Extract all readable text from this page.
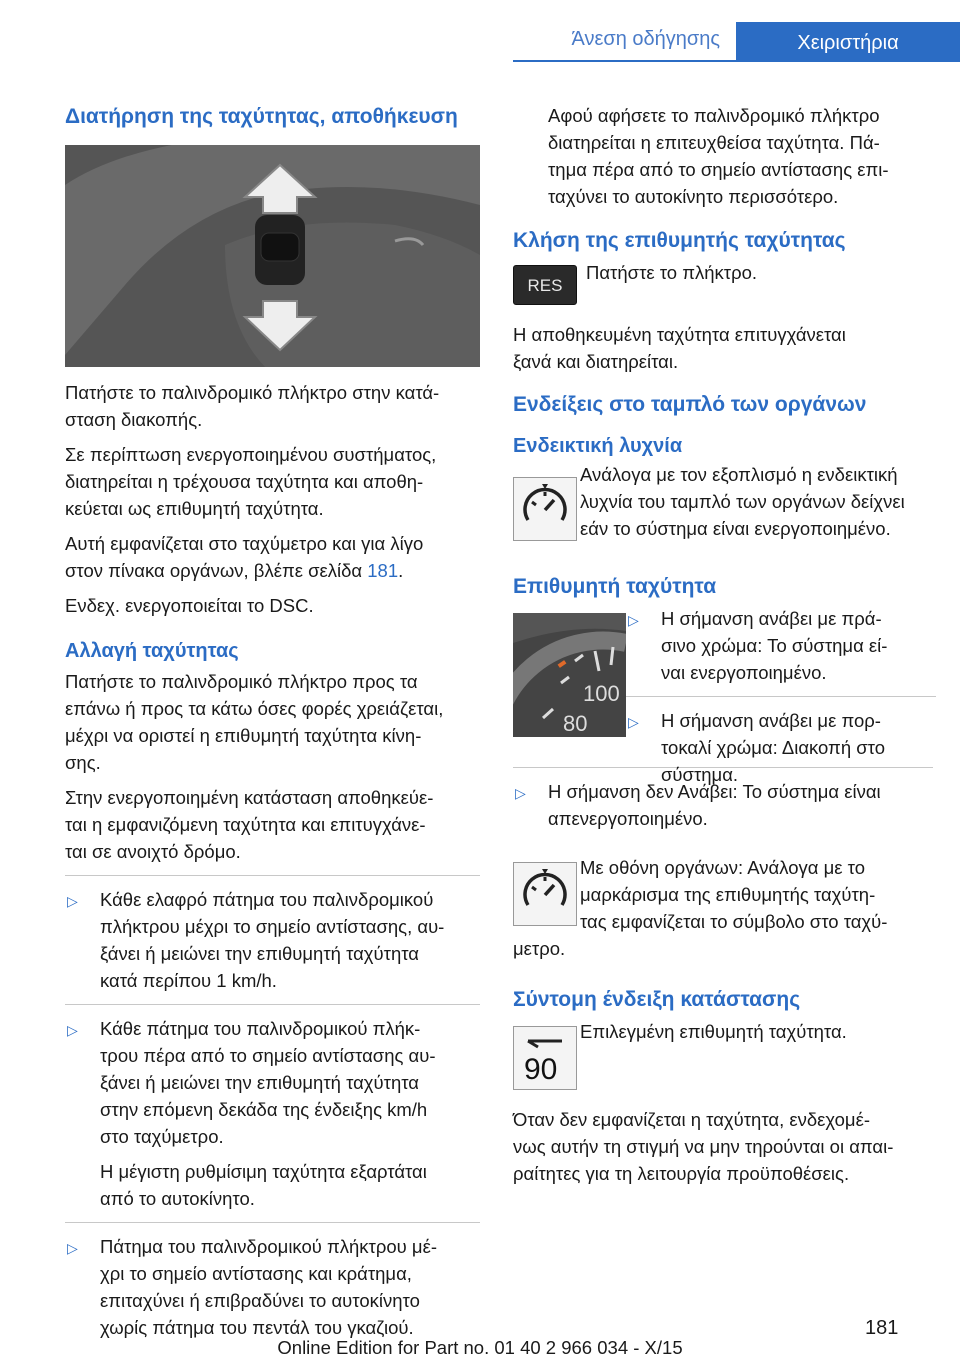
Άνεση οδήγησης	Χειριστήρια
Διατήρηση της ταχύτητας, αποθήκευση

Πατήστε το παλινδρομικό πλήκτρο στην κατά-
σταση διακοπής.

Σε περίπτωση ενεργοποιημένου συστήματος,
διατηρείται η τρέχουσα ταχύτητα και αποθη-
κεύεται ως επιθυμητή ταχύτητα.

Αυτή εμφανίζεται στο ταχύμετρο και για λίγο
στον πίνακα οργάνων, βλέπε σελίδα 181.

Ενδεχ. ενεργοποιείται το DSC.

Αλλαγή ταχύτητας

Πατήστε το παλινδρομικό πλήκτρο προς τα
επάνω ή προς τα κάτω όσες φορές χρειάζεται,
μέχρι να οριστεί η επιθυμητή ταχύτητα κίνη-
σης.

Στην ενεργοποιημένη κατάσταση αποθηκεύε-
ται η εμφανιζόμενη ταχύτητα και επιτυγχάνε-
ται σε ανοιχτό δρόμο.

▷ Κάθε ελαφρό πάτημα του παλινδρομικού
πλήκτρου μέχρι το σημείο αντίστασης, αυ-
ξάνει ή μειώνει την επιθυμητή ταχύτητα
κατά περίπου 1 km/h.
▷ Κάθε πάτημα του παλινδρομικού πλήκ-
τρου πέρα από το σημείο αντίστασης αυ-
ξάνει ή μειώνει την επιθυμητή ταχύτητα
στην επόμενη δεκάδα της ένδειξης km/h
στο ταχύμετρο.
Η μέγιστη ρυθμίσιμη ταχύτητα εξαρτάται
από το αυτοκίνητο.
▷ Πάτημα του παλινδρομικού πλήκτρου μέ-
χρι το σημείο αντίστασης και κράτημα,
επιταχύνει ή επιβραδύνει το αυτοκίνητο
χωρίς πάτημα του πεντάλ του γκαζιού.

Αφού αφήσετε το παλινδρομικό πλήκτρο
διατηρείται η επιτευχθείσα ταχύτητα. Πά-
τημα πέρα από το σημείο αντίστασης επι-
ταχύνει το αυτοκίνητο περισσότερο.

Κλήση της επιθυμητής ταχύτητας
RES

Πατήστε το πλήκτρο.

Η αποθηκευμένη ταχύτητα επιτυγχάνεται
ξανά και διατηρείται.

Ενδείξεις στο ταμπλό των οργάνων
Ενδεικτική λυχνία

Ανάλογα με τον εξοπλισμό η ενδεικτική
λυχνία του ταμπλό των οργάνων δείχνει
εάν το σύστημα είναι ενεργοποιημένο.

Επιθυμητή ταχύτητα
100
80
▷ Η σήμανση ανάβει με πρά-
σινο χρώμα: Το σύστημα εί-
ναι ενεργοποιημένο.
▷ Η σήμανση ανάβει με πορ-
τοκαλί χρώμα: Διακοπή στο
σύστημα.
▷ Η σήμανση δεν Ανάβει: Το σύστημα είναι
απενεργοποιημένο.

Με οθόνη οργάνων: Ανάλογα με το
μαρκάρισμα της επιθυμητής ταχύτη-
τας εμφανίζεται το σύμβολο στο ταχύ-

μετρο.

Σύντομη ένδειξη κατάστασης
90

Επιλεγμένη επιθυμητή ταχύτητα.

Όταν δεν εμφανίζεται η ταχύτητα, ενδεχομέ-
νως αυτήν τη στιγμή να μην τηρούνται οι απαι-
ραίτητες για τη λειτουργία προϋποθέσεις.

181
Online Edition for Part no. 01 40 2 966 034 - X/15
